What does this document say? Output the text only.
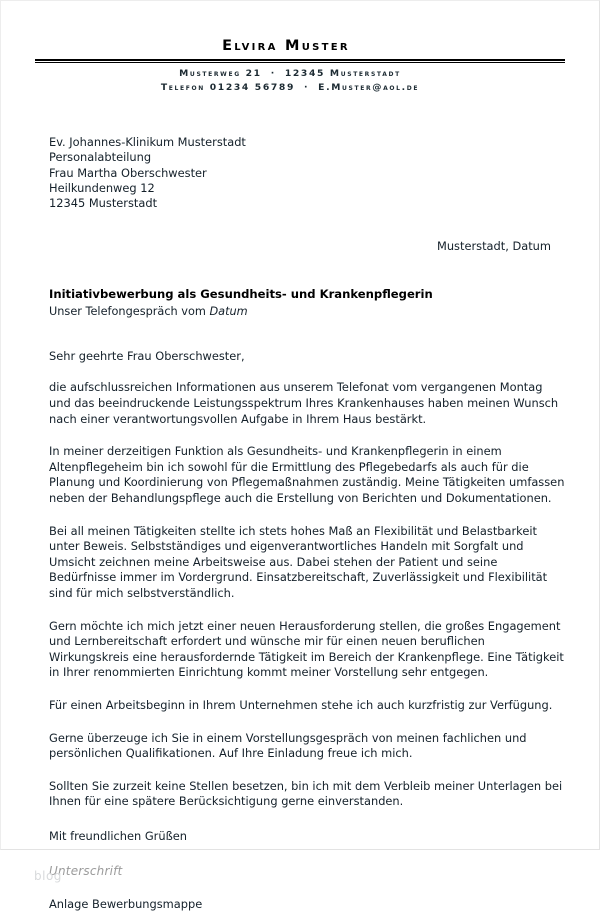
Elvira Muster
Musterweg 21 · 12345 Musterstadt
Telefon 01234 56789 · E.Muster@aol.de
Ev. Johannes-Klinikum Musterstadt
Personalabteilung
Frau Martha Oberschwester
Heilkundenweg 12
12345 Musterstadt
Musterstadt, Datum
Initiativbewerbung als Gesundheits- und Krankenpflegerin
Unser Telefongespräch vom Datum
Sehr geehrte Frau Oberschwester,
die aufschlussreichen Informationen aus unserem Telefonat vom vergangenen Montag und das beeindruckende Leistungsspektrum Ihres Krankenhauses haben meinen Wunsch nach einer verantwortungsvollen Aufgabe in Ihrem Haus bestärkt.
In meiner derzeitigen Funktion als Gesundheits- und Krankenpflegerin in einem Altenpflegeheim bin ich sowohl für die Ermittlung des Pflegebedarfs als auch für die Planung und Koordinierung von Pflegemaßnahmen zuständig. Meine Tätigkeiten umfassen neben der Behandlungspflege auch die Erstellung von Berichten und Dokumentationen.
Bei all meinen Tätigkeiten stellte ich stets hohes Maß an Flexibilität und Belastbarkeit unter Beweis. Selbstständiges und eigenverantwortliches Handeln mit Sorgfalt und Umsicht zeichnen meine Arbeitsweise aus. Dabei stehen der Patient und seine Bedürfnisse immer im Vordergrund. Einsatzbereitschaft, Zuverlässigkeit und Flexibilität sind für mich selbstverständlich.
Gern möchte ich mich jetzt einer neuen Herausforderung stellen, die großes Engagement und Lernbereitschaft erfordert und wünsche mir für einen neuen beruflichen Wirkungskreis eine herausfordernde Tätigkeit im Bereich der Krankenpflege. Eine Tätigkeit in Ihrer renommierten Einrichtung kommt meiner Vorstellung sehr entgegen.
Für einen Arbeitsbeginn in Ihrem Unternehmen stehe ich auch kurzfristig zur Verfügung.
Gerne überzeuge ich Sie in einem Vorstellungsgespräch von meinen fachlichen und persönlichen Qualifikationen. Auf Ihre Einladung freue ich mich.
Sollten Sie zurzeit keine Stellen besetzen, bin ich mit dem Verbleib meiner Unterlagen bei Ihnen für eine spätere Berücksichtigung gerne einverstanden.
Mit freundlichen Grüßen
blog
Unterschrift
Anlage Bewerbungsmappe
